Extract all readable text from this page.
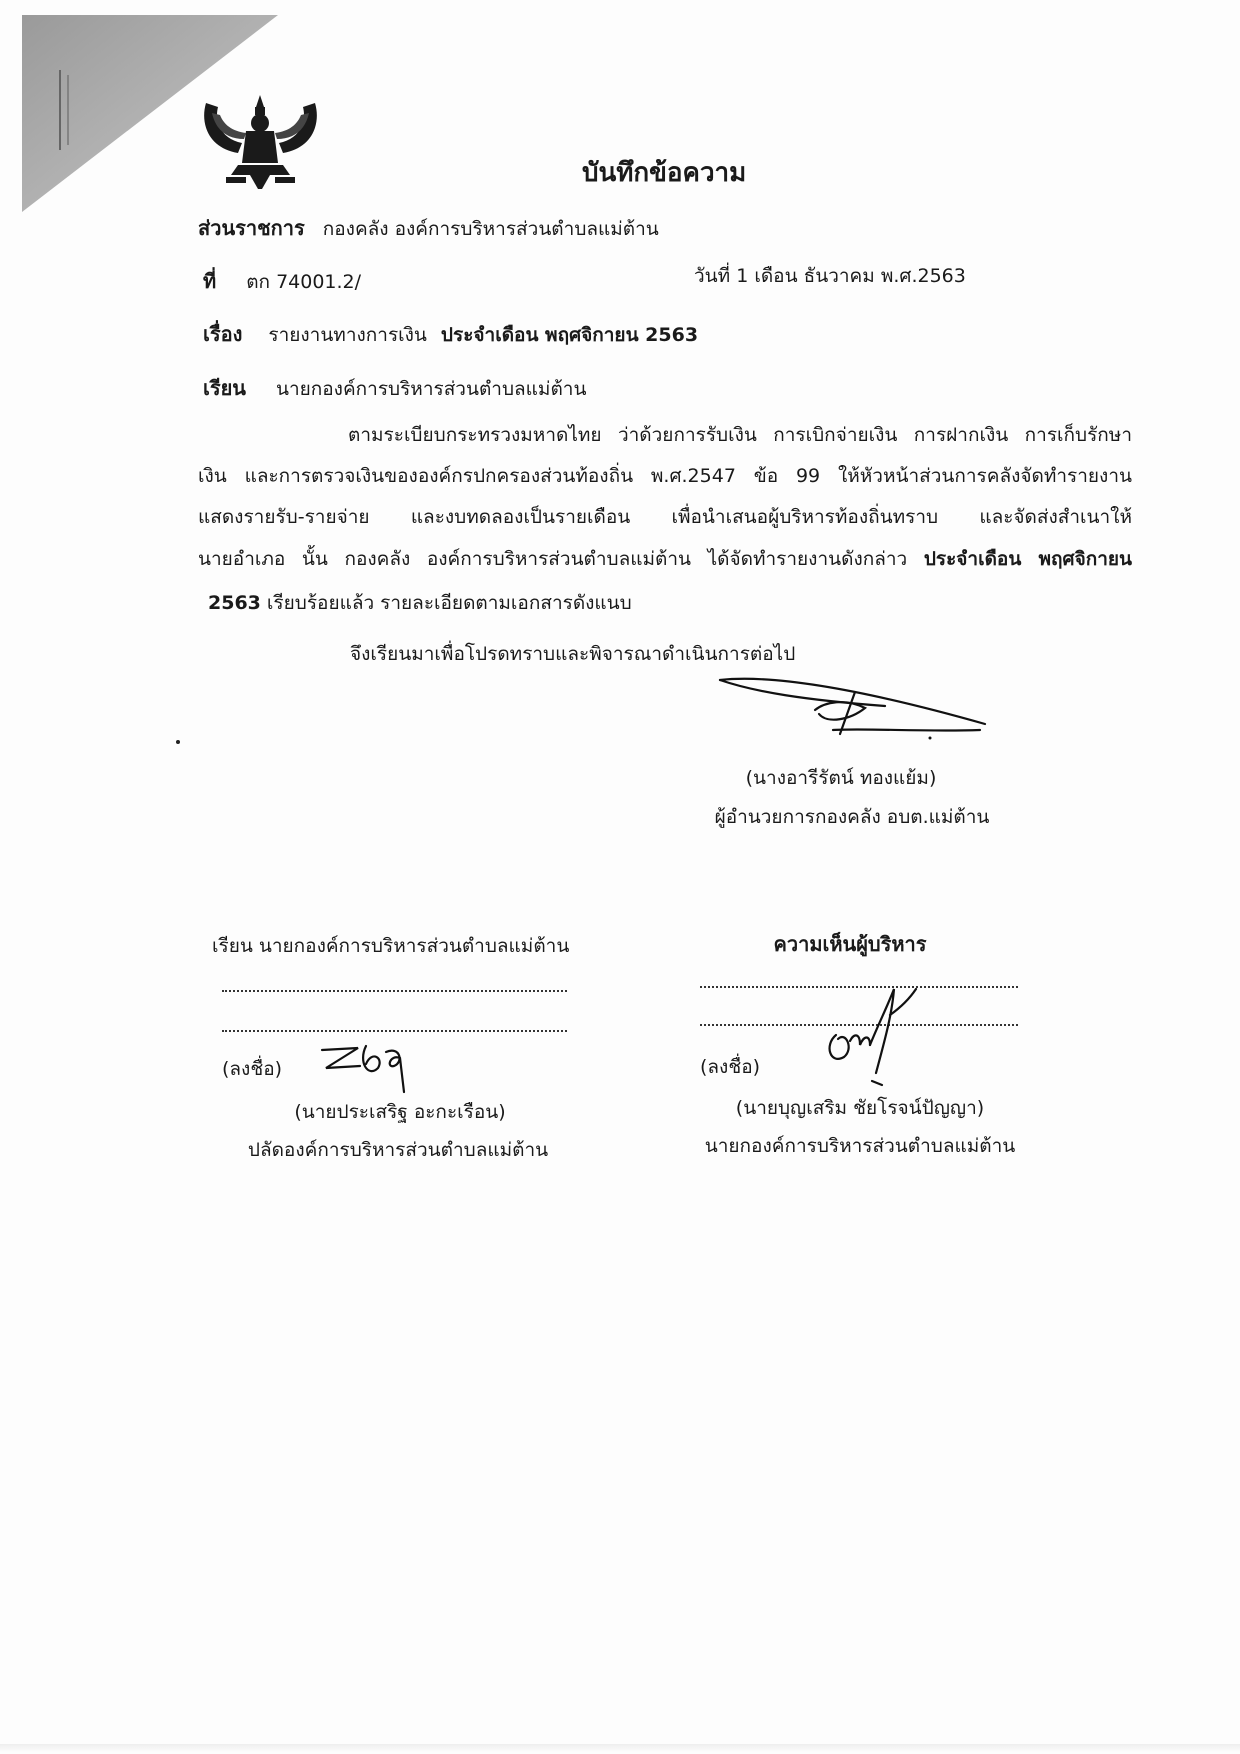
บันทึกข้อความ
ส่วนราชการ กองคลัง องค์การบริหารส่วนตำบลแม่ต้าน
ที่ ตก 74001.2/	วันที่ 1 เดือน ธันวาคม พ.ศ.2563
เรื่อง รายงานทางการเงิน ประจำเดือน พฤศจิกายน 2563
เรียน นายกองค์การบริหารส่วนตำบลแม่ต้าน
ตามระเบียบกระทรวงมหาดไทย ว่าด้วยการรับเงิน การเบิกจ่ายเงิน การฝากเงิน การเก็บรักษา
เงิน และการตรวจเงินขององค์กรปกครองส่วนท้องถิ่น พ.ศ.2547 ข้อ 99 ให้หัวหน้าส่วนการคลังจัดทำรายงาน
แสดงรายรับ-รายจ่าย และงบทดลองเป็นรายเดือน เพื่อนำเสนอผู้บริหารท้องถิ่นทราบ และจัดส่งสำเนาให้
นายอำเภอ นั้น กองคลัง องค์การบริหารส่วนตำบลแม่ต้าน ได้จัดทำรายงานดังกล่าว ประจำเดือน พฤศจิกายน
2563 เรียบร้อยแล้ว รายละเอียดตามเอกสารดังแนบ
จึงเรียนมาเพื่อโปรดทราบและพิจารณาดำเนินการต่อไป
(นางอารีรัตน์ ทองแย้ม)
ผู้อำนวยการกองคลัง อบต.แม่ต้าน
เรียน นายกองค์การบริหารส่วนตำบลแม่ต้าน
(ลงชื่อ)
(นายประเสริฐ อะกะเรือน)
ปลัดองค์การบริหารส่วนตำบลแม่ต้าน
ความเห็นผู้บริหาร
(ลงชื่อ)
(นายบุญเสริม ชัยโรจน์ปัญญา)
นายกองค์การบริหารส่วนตำบลแม่ต้าน
